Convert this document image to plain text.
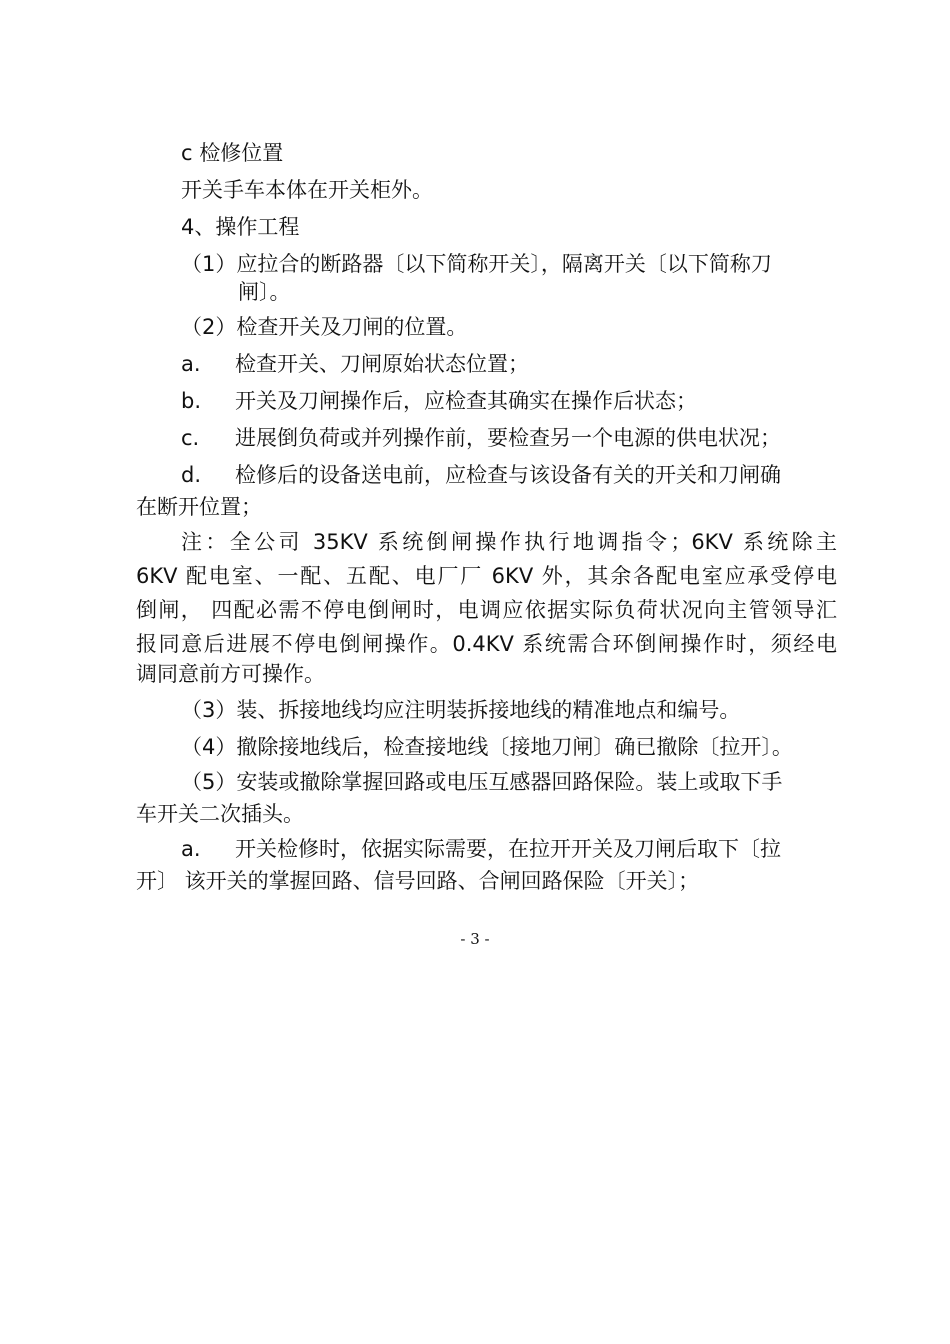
c 检修位置

开关手车本体在开关柜外。

4、操作工程

（1）应拉合的断路器〔以下简称开关〕，隔离开关〔以下简称刀

闸〕。

（2）检查开关及刀闸的位置。

a. 检查开关、刀闸原始状态位置；

b. 开关及刀闸操作后，应检查其确实在操作后状态；

c. 进展倒负荷或并列操作前，要检查另一个电源的供电状况；

d. 检修后的设备送电前，应检查与该设备有关的开关和刀闸确

在断开位置；

注：全公司 35KV 系统倒闸操作执行地调指令；6KV 系统除主

6KV 配电室、一配、五配、电厂厂 6KV 外，其余各配电室应承受停电

倒闸， 四配必需不停电倒闸时，电调应依据实际负荷状况向主管领导汇

报同意后进展不停电倒闸操作。0.4KV 系统需合环倒闸操作时，须经电

调同意前方可操作。

（3）装、拆接地线均应注明装拆接地线的精准地点和编号。

（4）撤除接地线后，检查接地线〔接地刀闸〕确已撤除〔拉开〕。

（5）安装或撤除掌握回路或电压互感器回路保险。装上或取下手

车开关二次插头。

a. 开关检修时，依据实际需要，在拉开开关及刀闸后取下〔拉

开〕 该开关的掌握回路、信号回路、合闸回路保险〔开关〕；

- 3 -
